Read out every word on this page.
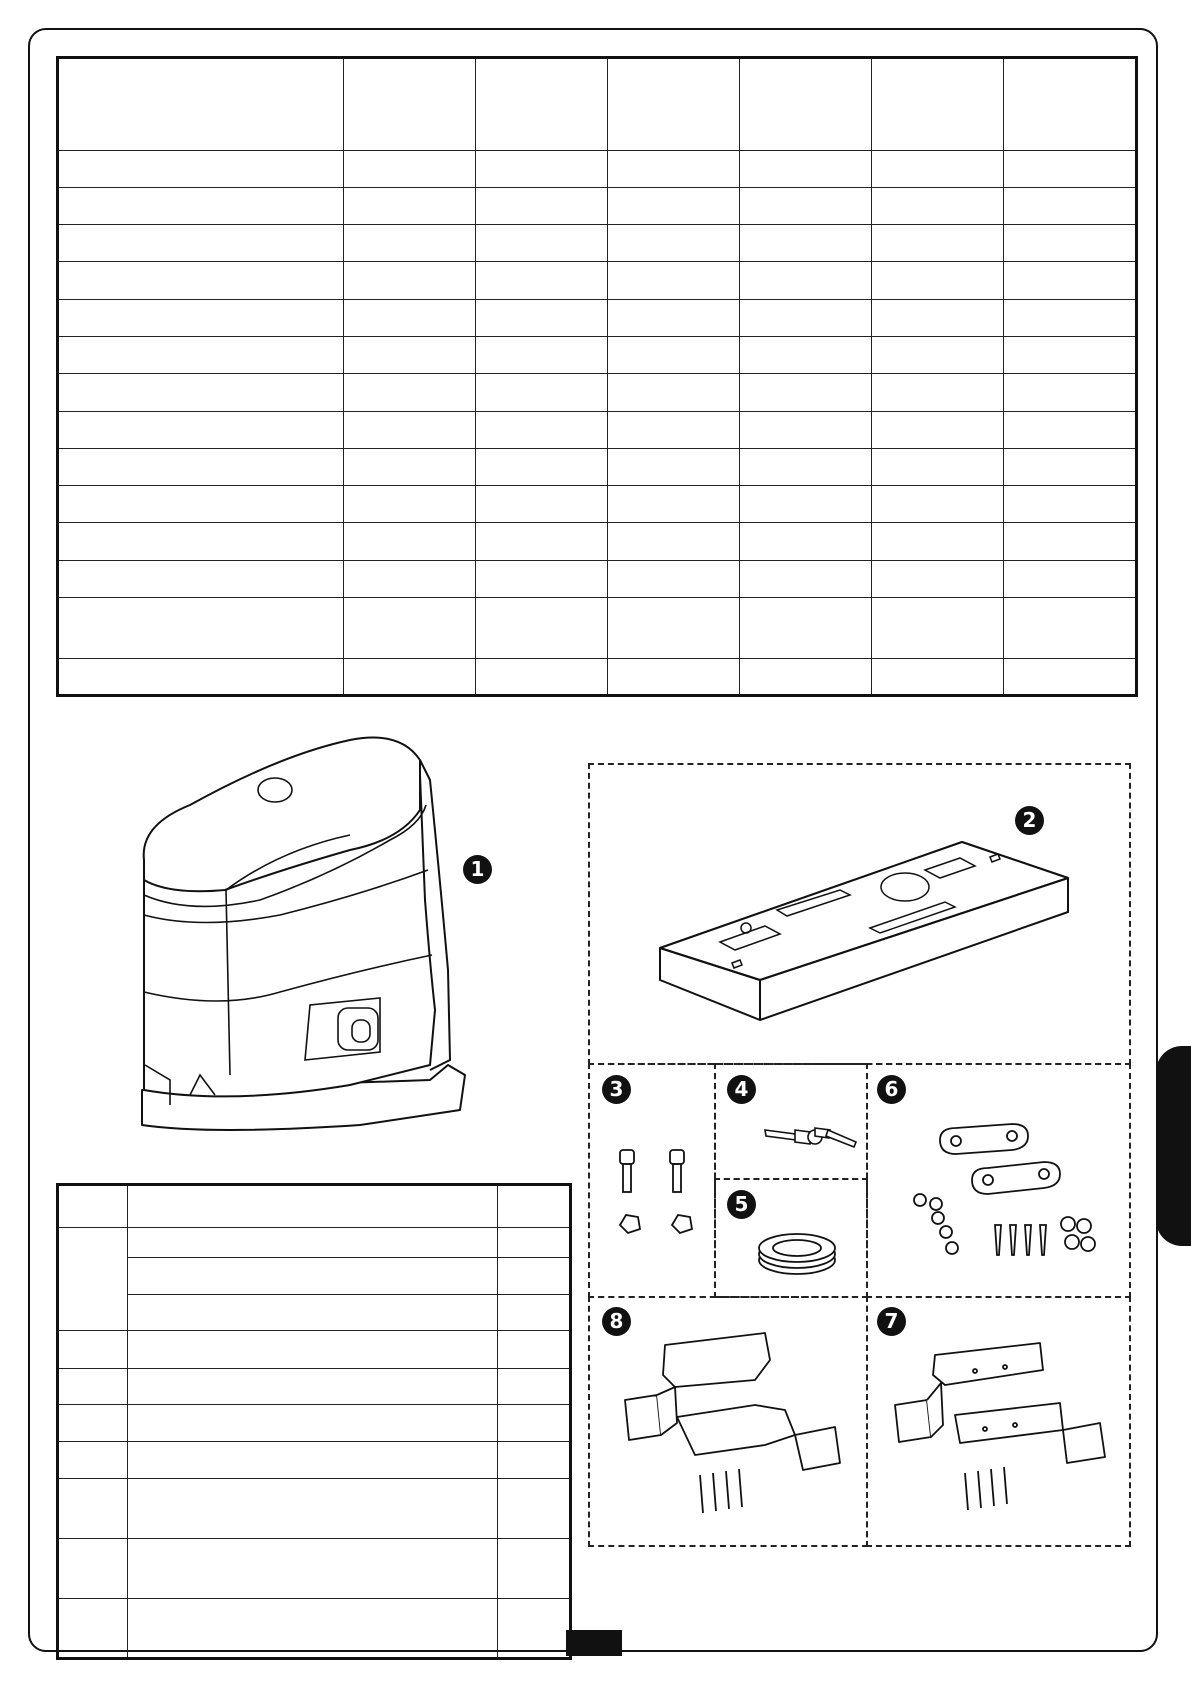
1
2
3	4
5
6
8	7
